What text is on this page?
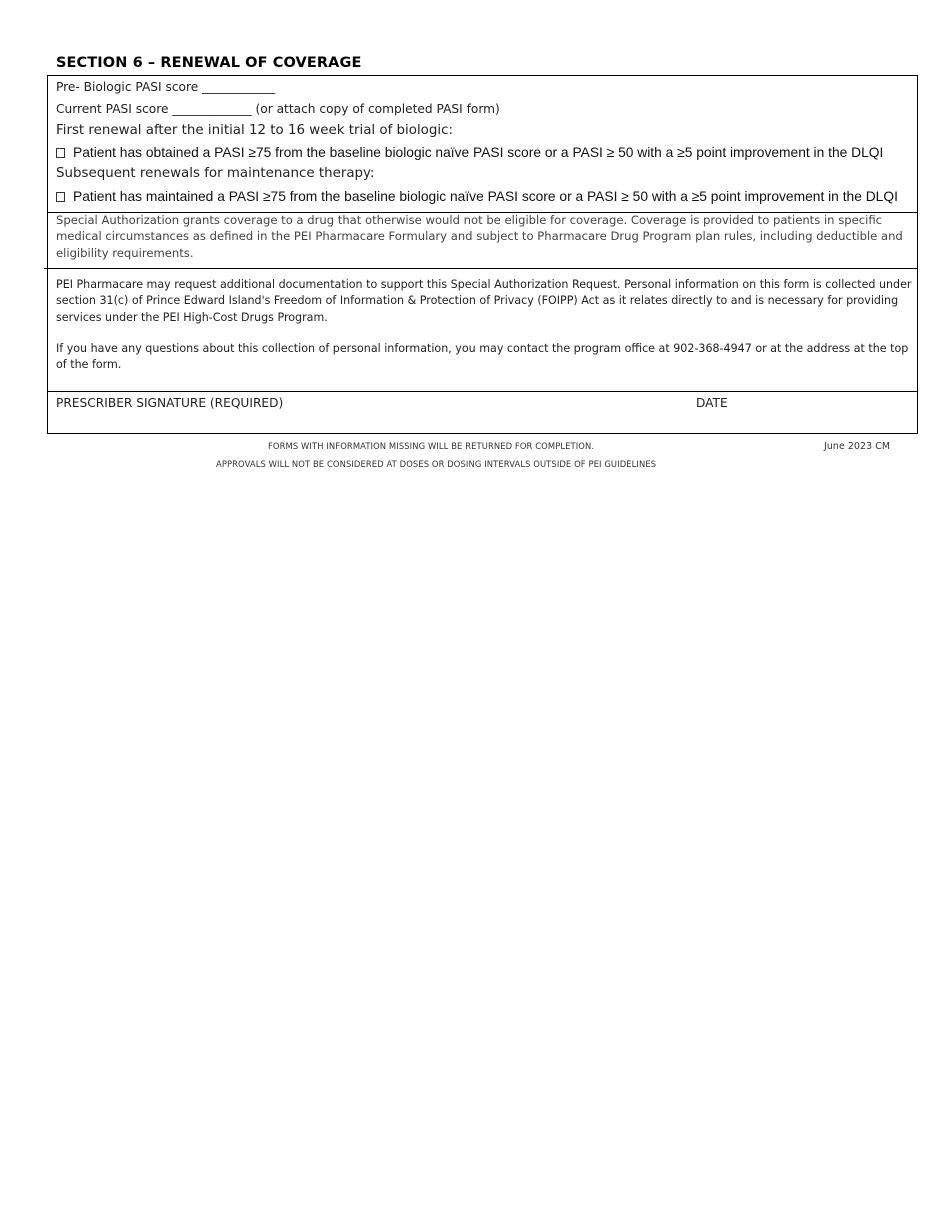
SECTION 6 – RENEWAL OF COVERAGE
Pre- Biologic PASI score ____________
Current PASI score _____________ (or attach copy of completed PASI form)
First renewal after the initial 12 to 16 week trial of biologic:
Patient has obtained a PASI ≥75 from the baseline biologic naïve PASI score or a PASI ≥ 50 with a ≥5 point improvement in the DLQI
Subsequent renewals for maintenance therapy:
Patient has maintained a PASI ≥75 from the baseline biologic naïve PASI score or a PASI ≥ 50 with a ≥5 point improvement in the DLQI

Special Authorization grants coverage to a drug that otherwise would not be eligible for coverage. Coverage is provided to patients in specific medical circumstances as defined in the PEI Pharmacare Formulary and subject to Pharmacare Drug Program plan rules, including deductible and eligibility requirements.

PEI Pharmacare may request additional documentation to support this Special Authorization Request. Personal information on this form is collected under section 31(c) of Prince Edward Island's Freedom of Information & Protection of Privacy (FOIPP) Act as it relates directly to and is necessary for providing services under the PEI High-Cost Drugs Program.

If you have any questions about this collection of personal information, you may contact the program office at 902-368-4947 or at the address at the top of the form.

PRESCRIBER SIGNATURE (REQUIRED)	DATE
FORMS WITH INFORMATION MISSING WILL BE RETURNED FOR COMPLETION.	June 2023 CM
APPROVALS WILL NOT BE CONSIDERED AT DOSES OR DOSING INTERVALS OUTSIDE OF PEI GUIDELINES
